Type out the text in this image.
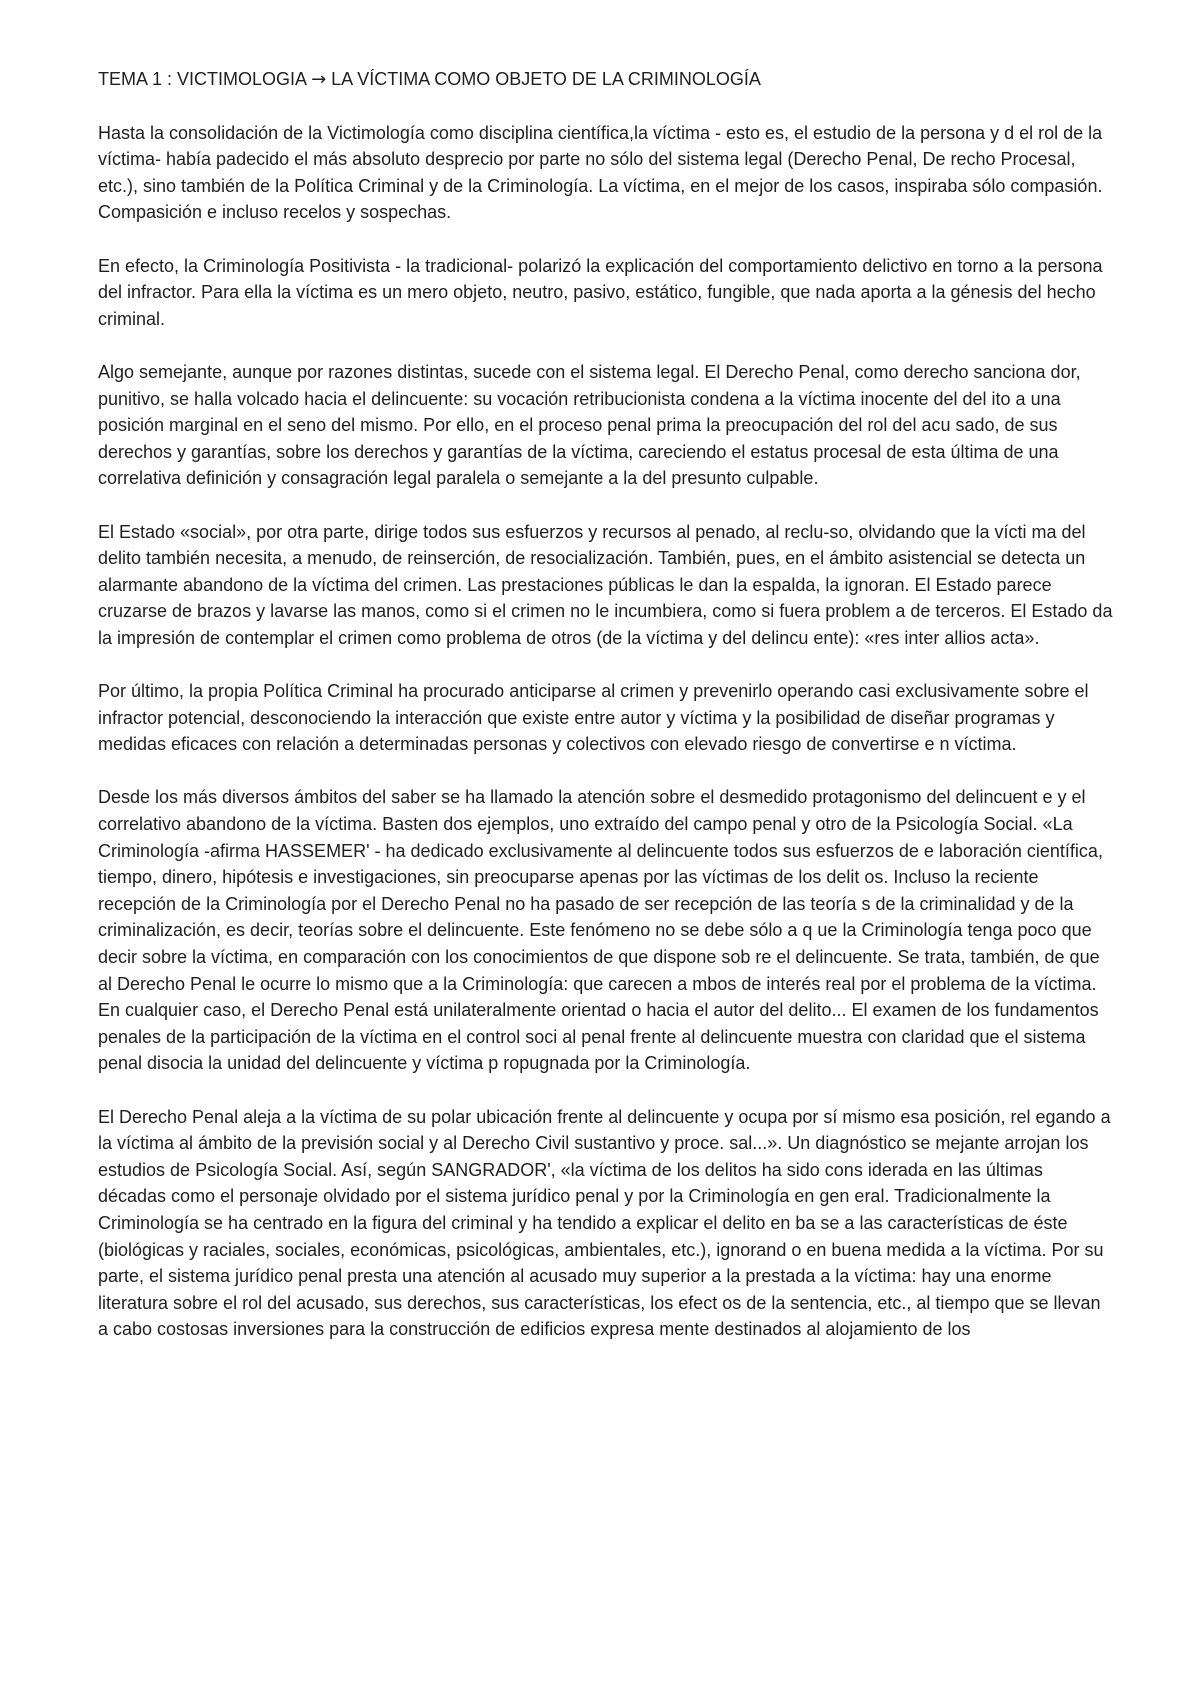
TEMA 1 : VICTIMOLOGIA → LA VÍCTIMA COMO OBJETO DE LA CRIMINOLOGÍA

Hasta la consolidación de la Victimología como disciplina científica,la víctima - esto es, el estudio de la persona y d el rol de la víctima- había padecido el más absoluto desprecio por parte no sólo del sistema legal (Derecho Penal, De recho Procesal, etc.), sino también de la Política Criminal y de la Criminología. La víctima, en el mejor de los casos, inspiraba sólo compasión. Compasición e incluso recelos y sospechas.

En efecto, la Criminología Positivista - la tradicional- polarizó la explicación del comportamiento delictivo en torno a la persona del infractor. Para ella la víctima es un mero objeto, neutro, pasivo, estático, fungible, que nada aporta a la génesis del hecho criminal.

Algo semejante, aunque por razones distintas, sucede con el sistema legal. El Derecho Penal, como derecho sanciona dor, punitivo, se halla volcado hacia el delincuente: su vocación retribucionista condena a la víctima inocente del del ito a una posición marginal en el seno del mismo. Por ello, en el proceso penal prima la preocupación del rol del acu sado, de sus derechos y garantías, sobre los derechos y garantías de la víctima, careciendo el estatus procesal de esta última de una correlativa definición y consagración legal paralela o semejante a la del presunto culpable.

El Estado «social», por otra parte, dirige todos sus esfuerzos y recursos al penado, al reclu-so, olvidando que la vícti ma del delito también necesita, a menudo, de reinserción, de resocialización. También, pues, en el ámbito asistencial se detecta un alarmante abandono de la víctima del crimen. Las prestaciones públicas le dan la espalda, la ignoran. El Estado parece cruzarse de brazos y lavarse las manos, como si el crimen no le incumbiera, como si fuera problem a de terceros. El Estado da la impresión de contemplar el crimen como problema de otros (de la víctima y del delincu ente): «res inter allios acta».

Por último, la propia Política Criminal ha procurado anticiparse al crimen y prevenirlo operando casi exclusivamente sobre el infractor potencial, desconociendo la interacción que existe entre autor y víctima y la posibilidad de diseñar programas y medidas eficaces con relación a determinadas personas y colectivos con elevado riesgo de convertirse e n víctima.

Desde los más diversos ámbitos del saber se ha llamado la atención sobre el desmedido protagonismo del delincuent e y el correlativo abandono de la víctima. Basten dos ejemplos, uno extraído del campo penal y otro de la Psicología Social. «La Criminología -afirma HASSEMER' - ha dedicado exclusivamente al delincuente todos sus esfuerzos de e laboración científica, tiempo, dinero, hipótesis e investigaciones, sin preocuparse apenas por las víctimas de los delit os. Incluso la reciente recepción de la Criminología por el Derecho Penal no ha pasado de ser recepción de las teoría s de la criminalidad y de la criminalización, es decir, teorías sobre el delincuente. Este fenómeno no se debe sólo a q ue la Criminología tenga poco que decir sobre la víctima, en comparación con los conocimientos de que dispone sob re el delincuente. Se trata, también, de que al Derecho Penal le ocurre lo mismo que a la Criminología: que carecen a mbos de interés real por el problema de la víctima. En cualquier caso, el Derecho Penal está unilateralmente orientad o hacia el autor del delito... El examen de los fundamentos penales de la participación de la víctima en el control soci al penal frente al delincuente muestra con claridad que el sistema penal disocia la unidad del delincuente y víctima p ropugnada por la Criminología.

El Derecho Penal aleja a la víctima de su polar ubicación frente al delincuente y ocupa por sí mismo esa posición, rel egando a la víctima al ámbito de la previsión social y al Derecho Civil sustantivo y proce. sal...». Un diagnóstico se mejante arrojan los estudios de Psicología Social. Así, según SANGRADOR', «la víctima de los delitos ha sido cons iderada en las últimas décadas como el personaje olvidado por el sistema jurídico penal y por la Criminología en gen eral. Tradicionalmente la Criminología se ha centrado en la figura del criminal y ha tendido a explicar el delito en ba se a las características de éste (biológicas y raciales, sociales, económicas, psicológicas, ambientales, etc.), ignorand o en buena medida a la víctima. Por su parte, el sistema jurídico penal presta una atención al acusado muy superior a la prestada a la víctima: hay una enorme literatura sobre el rol del acusado, sus derechos, sus características, los efect os de la sentencia, etc., al tiempo que se llevan a cabo costosas inversiones para la construcción de edificios expresa mente destinados al alojamiento de los
